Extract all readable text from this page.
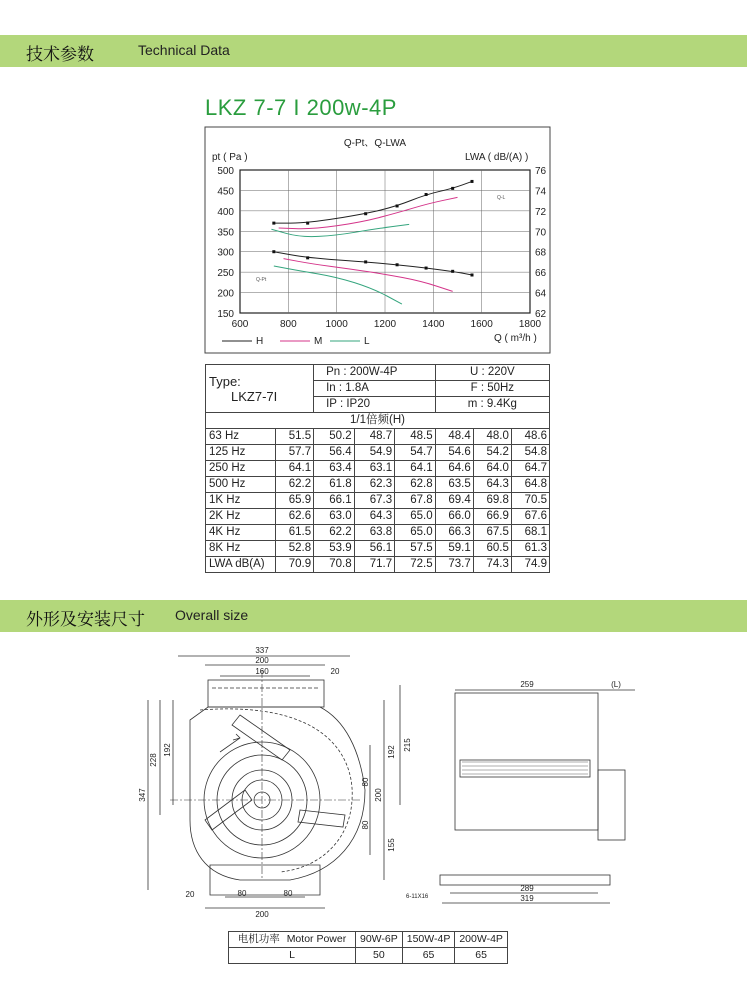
技术参数	Technical Data
LKZ 7-7 I 200w-4P
Q-Pt、Q-LWA
pt ( Pa )	LWA ( dB/(A) )
Q ( m³/h )
600	800	1000	1200	1400	1600	1800
500
450
400
350
300
250
200
150
76
74
72
70
68
66
64
62
Q-L
Q-Pt
H	M	L
Type:
LKZ7-7I		Pn : 200W-4P			U : 220V		
		In : 1.8A			F : 50Hz		
		IP : IP20			m : 9.4Kg		
1/1倍频(H)							
63 Hz	51.5	50.2	48.7	48.5	48.4	48.0	48.6
125 Hz	57.7	56.4	54.9	54.7	54.6	54.2	54.8
250 Hz	64.1	63.4	63.1	64.1	64.6	64.0	64.7
500 Hz	62.2	61.8	62.3	62.8	63.5	64.3	64.8
1K Hz	65.9	66.1	67.3	67.8	69.4	69.8	70.5
2K Hz	62.6	63.0	64.3	65.0	66.0	66.9	67.6
4K Hz	61.5	62.2	63.8	65.0	66.3	67.5	68.1
8K Hz	52.8	53.9	56.1	57.5	59.1	60.5	61.3
LWA dB(A)	70.9	70.8	71.7	72.5	73.7	74.3	74.9
外形及安装尺寸 Overall size
337
200
160	20
228
192
347
215
192
80
200
80
155
20	80	80
200
259	(L)
289
319
6-11X16
电机功率 Motor Power	90W-6P	150W-4P	200W-4P
L	50	65	65
